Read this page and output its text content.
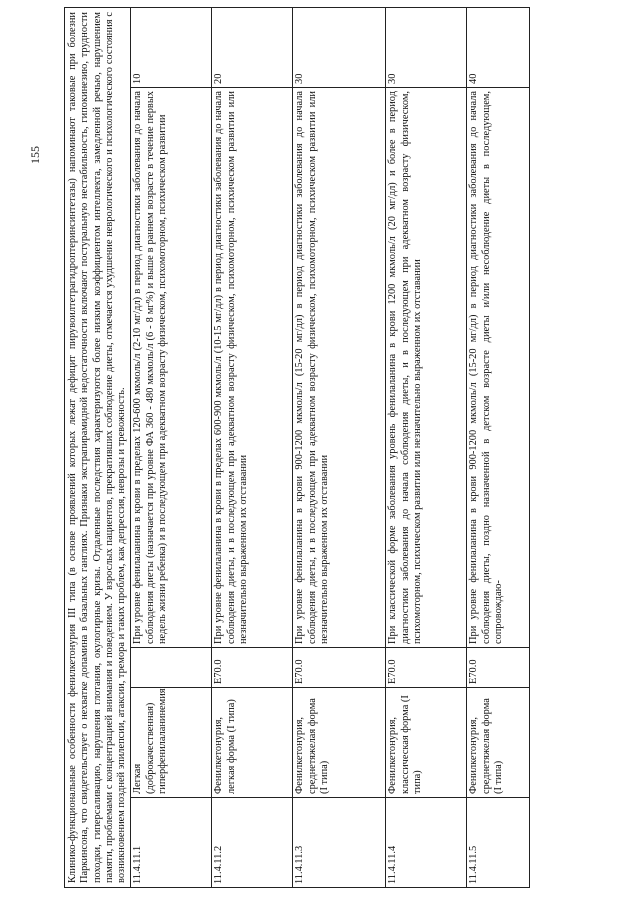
155 Клинико-функциональные особенности фенилкетонурия III типа (в основе проявлений которых лежат дефицит пирувоилтетрагидроптеринсинтетазы) напоминают таковые при болезни Паркинсона, что свидетельствует о нехватке допамина в базальных ганглиях. Признаки экстрапирамидной недостаточности включают постуральную нестабильность, гипокинезию, трудности походки, гиперсаливацию, нарушения глотания, окулогирные кризы. Отдаленные последствия характеризуются более низким коэффициентом интеллекта, замедленной речью, нарушением памяти, проблемами с концентрацией внимания и поведением. У взрослых пациентов, прекративших соблюдение диеты, отмечается ухудшение неврологического и психологического состояния с возникновением поздней эпилепсии, атаксии, тремора и таких проблем, как депрессия, неврозы и тревожность.				
11.4.11.1	Легкая (доброкачественная) гиперфенилаланинемия		При уровне фенилаланина в крови в пределах 120-600 мкмоль/л (2-10 мг/дл) в период диагностики заболевания до начала соблюдения диеты (назначается при уровне ФА 360 - 480 мкмоль/л (6 - 8 мг%) и выше в раннем возрасте в течение первых недель жизни ребенка) и в последующем при адекватном возрасту физическом, психомоторном, психическом развитии	10
11.4.11.2	Фенилкетонурия, легкая форма (I типа)	E70.0	При уровне фенилаланина в крови в пределах 600-900 мкмоль/л (10-15 мг/дл) в период диагностики заболевания до начала соблюдения диеты, и в последующем при адекватном возрасту физическом, психомоторном, психическом развитии или незначительно выраженном их отставании	20
11.4.11.3	Фенилкетонурия, среднетяжелая форма (I типа)	E70.0	При уровне фенилаланина в крови 900-1200 мкмоль/л (15-20 мг/дл) в период диагностики заболевания до начала соблюдения диеты, и в последующем при адекватном возрасту физическом, психомоторном, психическом развитии или незначительно выраженном их отставании	30
11.4.11.4	Фенилкетонурия, классическая форма (I типа)	E70.0	При классической форме заболевания уровень фенилаланина в крови 1200 мкмоль/л (20 мг/дл) и более в период диагностики заболевания до начала соблюдения диеты, и в последующем при адекватном возрасту физическом, психомоторном, психическом развитии или незначительно выраженном их отставании	30
11.4.11.5	Фенилкетонурия, среднетяжелая форма (I типа)	E70.0	При уровне фенилаланина в крови 900-1200 мкмоль/л (15-20 мг/дл) в период диагностики заболевания до начала соблюдения диеты, поздно назначенной в детском возрасте диеты и/или несоблюдение диеты в последующем, сопровождаю-	40
